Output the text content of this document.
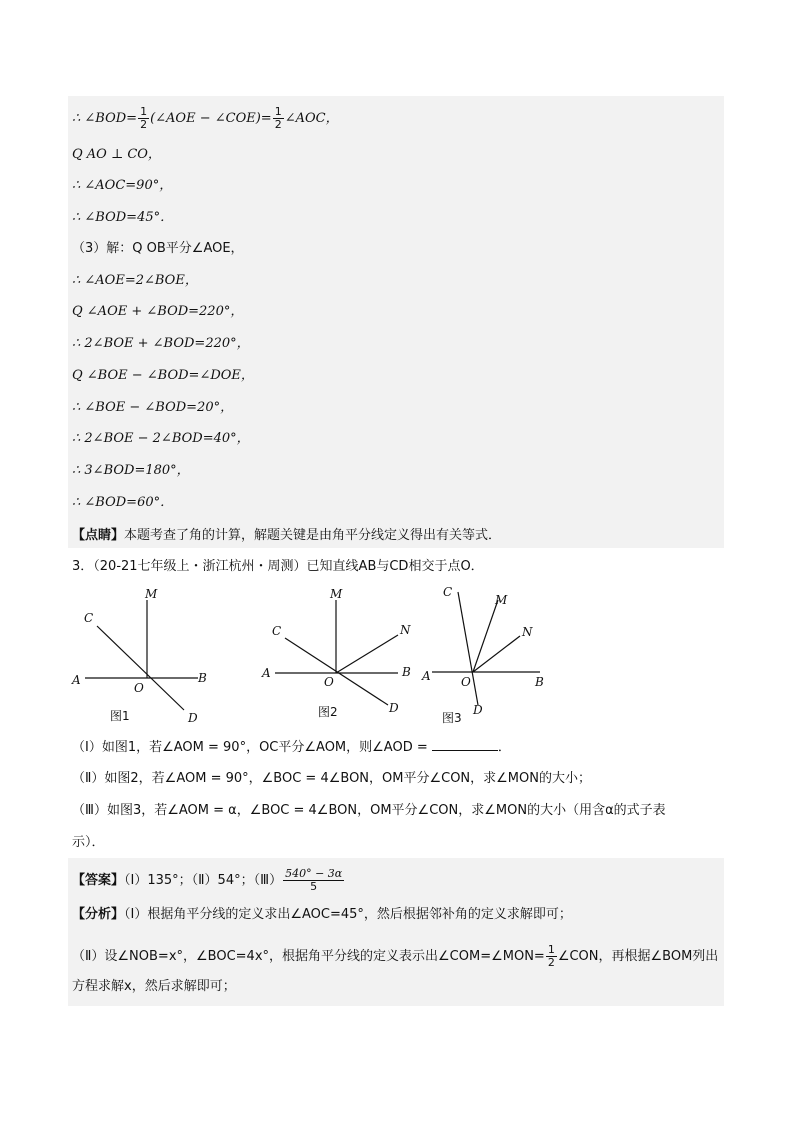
∴ ∠BOD= $\frac{1}{2}$ (∠AOE − ∠COE)= $\frac{1}{2}$ ∠AOC，
Q AO ⊥ CO，
∴ ∠AOC=90°，
∴ ∠BOD=45°．
（3）解：Q OB平分∠AOE，
∴ ∠AOE=2∠BOE，
Q ∠AOE + ∠BOD=220°，
∴ 2∠BOE + ∠BOD=220°，
Q ∠BOE − ∠BOD=∠DOE，
∴ ∠BOE − ∠BOD=20°，
∴ 2∠BOE − 2∠BOD=40°，
∴ 3∠BOD=180°，
∴ ∠BOD=60°．
【点睛】本题考查了角的计算，解题关键是由角平分线定义得出有关等式．
3．（20-21七年级上・浙江杭州・周测）已知直线AB与CD相交于点O．
M
C
A
O
B
D
图1
M
N
C
A
O
B
D
图2
C
M
N
A	O	B
D
图3
（Ⅰ）如图1，若∠AOM = 90°，OC平分∠AOM，则∠AOD =	．
（Ⅱ）如图2，若∠AOM = 90°，∠BOC = 4∠BON，OM平分∠CON，求∠MON的大小；
（Ⅲ）如图3，若∠AOM = α，∠BOC = 4∠BON，OM平分∠CON，求∠MON的大小（用含α的式子表
示）．
【答案】（Ⅰ）135°；（Ⅱ）54°；（Ⅲ） $\frac{540^\circ - 3\alpha}{5}$
【分析】（Ⅰ）根据角平分线的定义求出∠AOC=45°，然后根据邻补角的定义求解即可；
（Ⅱ）设∠NOB=x°，∠BOC=4x°，根据角平分线的定义表示出∠COM=∠MON= $\frac{1}{2}$ ∠CON，再根据∠BOM列出
方程求解x，然后求解即可；
